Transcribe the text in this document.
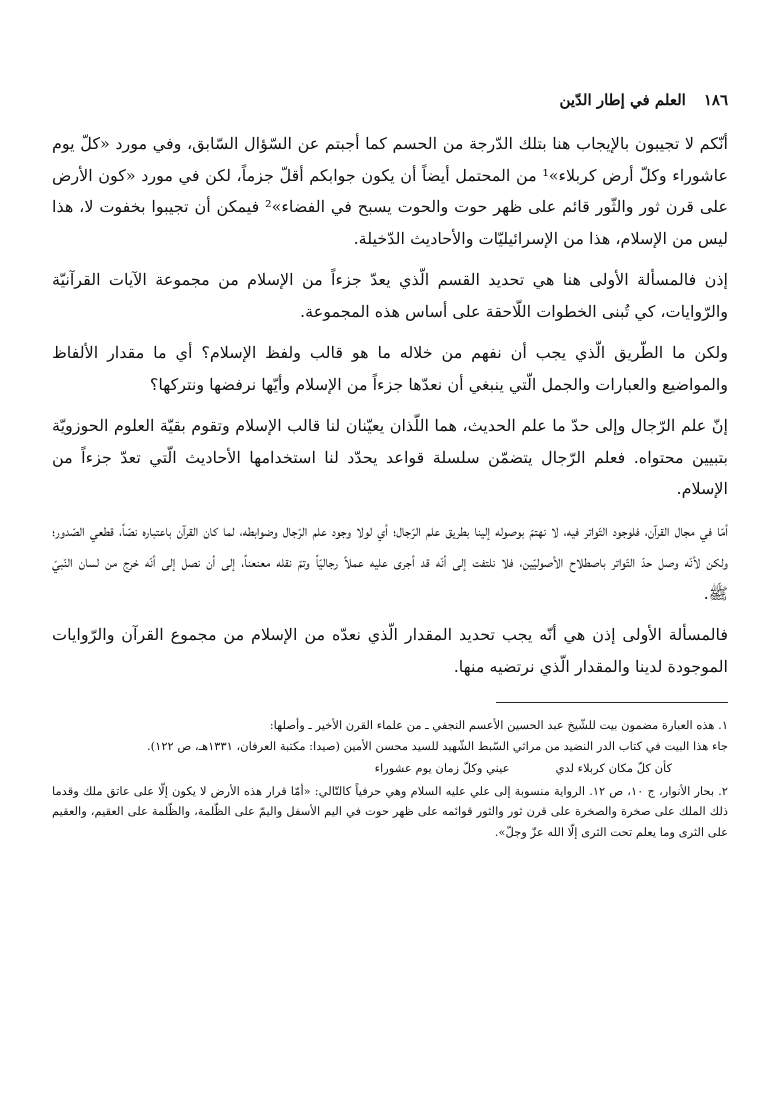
١٨٦
العلم في إطار الدّين

أنّكم لا تجيبون بالإيجاب هنا بتلك الدّرجة من الحسم كما أجبتم عن السّؤال السّابق، وفي مورد «كلّ يوم عاشوراء وكلّ أرض كربلاء»¹ من المحتمل أيضاً أن يكون جوابكم أقلّ جزماً، لكن في مورد «كون الأرض على قرن ثور والثّور قائم على ظهر حوت والحوت يسبح في الفضاء»² فيمكن أن تجيبوا بخفوت لا، هذا ليس من الإسلام، هذا من الإسرائيليّات والأحاديث الدّخيلة.

إذن فالمسألة الأولى هنا هي تحديد القسم الّذي يعدّ جزءاً من الإسلام من مجموعة الآيات القرآنيّة والرّوايات، كي تُبنى الخطوات اللّاحقة على أساس هذه المجموعة.

ولكن ما الطّريق الّذي يجب أن نفهم من خلاله ما هو قالب ولفظ الإسلام؟ أي ما مقدار الألفاظ والمواضيع والعبارات والجمل الّتي ينبغي أن نعدّها جزءاً من الإسلام وأيّها نرفضها ونتركها؟

إنّ علم الرّجال وإلى حدّ ما علم الحديث، هما اللّذان يعيّنان لنا قالب الإسلام وتقوم بقيّة العلوم الحوزويّة بتبيين محتواه. فعلم الرّجال يتضمّن سلسلة قواعد يحدّد لنا استخدامها الأحاديث الّتي تعدّ جزءاً من الإسلام.

أمّا في مجال القرآن، فلوجود التّواتر فيه، لا نهتمّ بوصوله إلينا بطريق علم الرّجال؛ أي لولا وجود علم الرّجال وضوابطه، لما كان القرآن باعتباره نصّاً، قطعي الصّدور؛ ولكن لأنّه وصل حدّ التّواتر باصطلاح الأصوليّين، فلا نلتفت إلى أنّه قد أجرى عليه عملاً رجاليّاً وتمّ نقله معنعناً، إلى أن نصل إلى أنّه خرج من لسان النّبيّ ﷺ.

فالمسألة الأولى إذن هي أنّه يجب تحديد المقدار الّذي نعدّه من الإسلام من مجموع القرآن والرّوايات الموجودة لدينا والمقدار الّذي نرتضيه منها.

١. هذه العبارة مضمون بيت للشّيخ عبد الحسين الأعسم النجفي ـ من علماء القرن الأخير ـ وأصلها:

جاء هذا البيت في كتاب الدر النضيد من مراثي السّبط الشّهيد للسيد محسن الأمين (صيدا: مكتبة العرفان، ١٣٣١هـ، ص ١٢٢).

كأن كلّ مكان كربلاء لدي
عيني وكلّ زمان يوم عشوراء

٢. بحار الأنوار، ج ١٠، ص ١٢. الرواية منسوبة إلى علي عليه السلام وهي حرفياً كالتّالي: «أمّا قرار هذه الأرض لا يكون إلّا على عاتق ملك وقدما ذلك الملك على صخرة والصخرة على قرن ثور والثور قوائمه على ظهر حوت في اليم الأسفل واليمّ على الظّلمة، والظّلمة على العقيم، والعقيم على الثرى وما يعلم تحت الثرى إلّا الله عزّ وجلّ».
